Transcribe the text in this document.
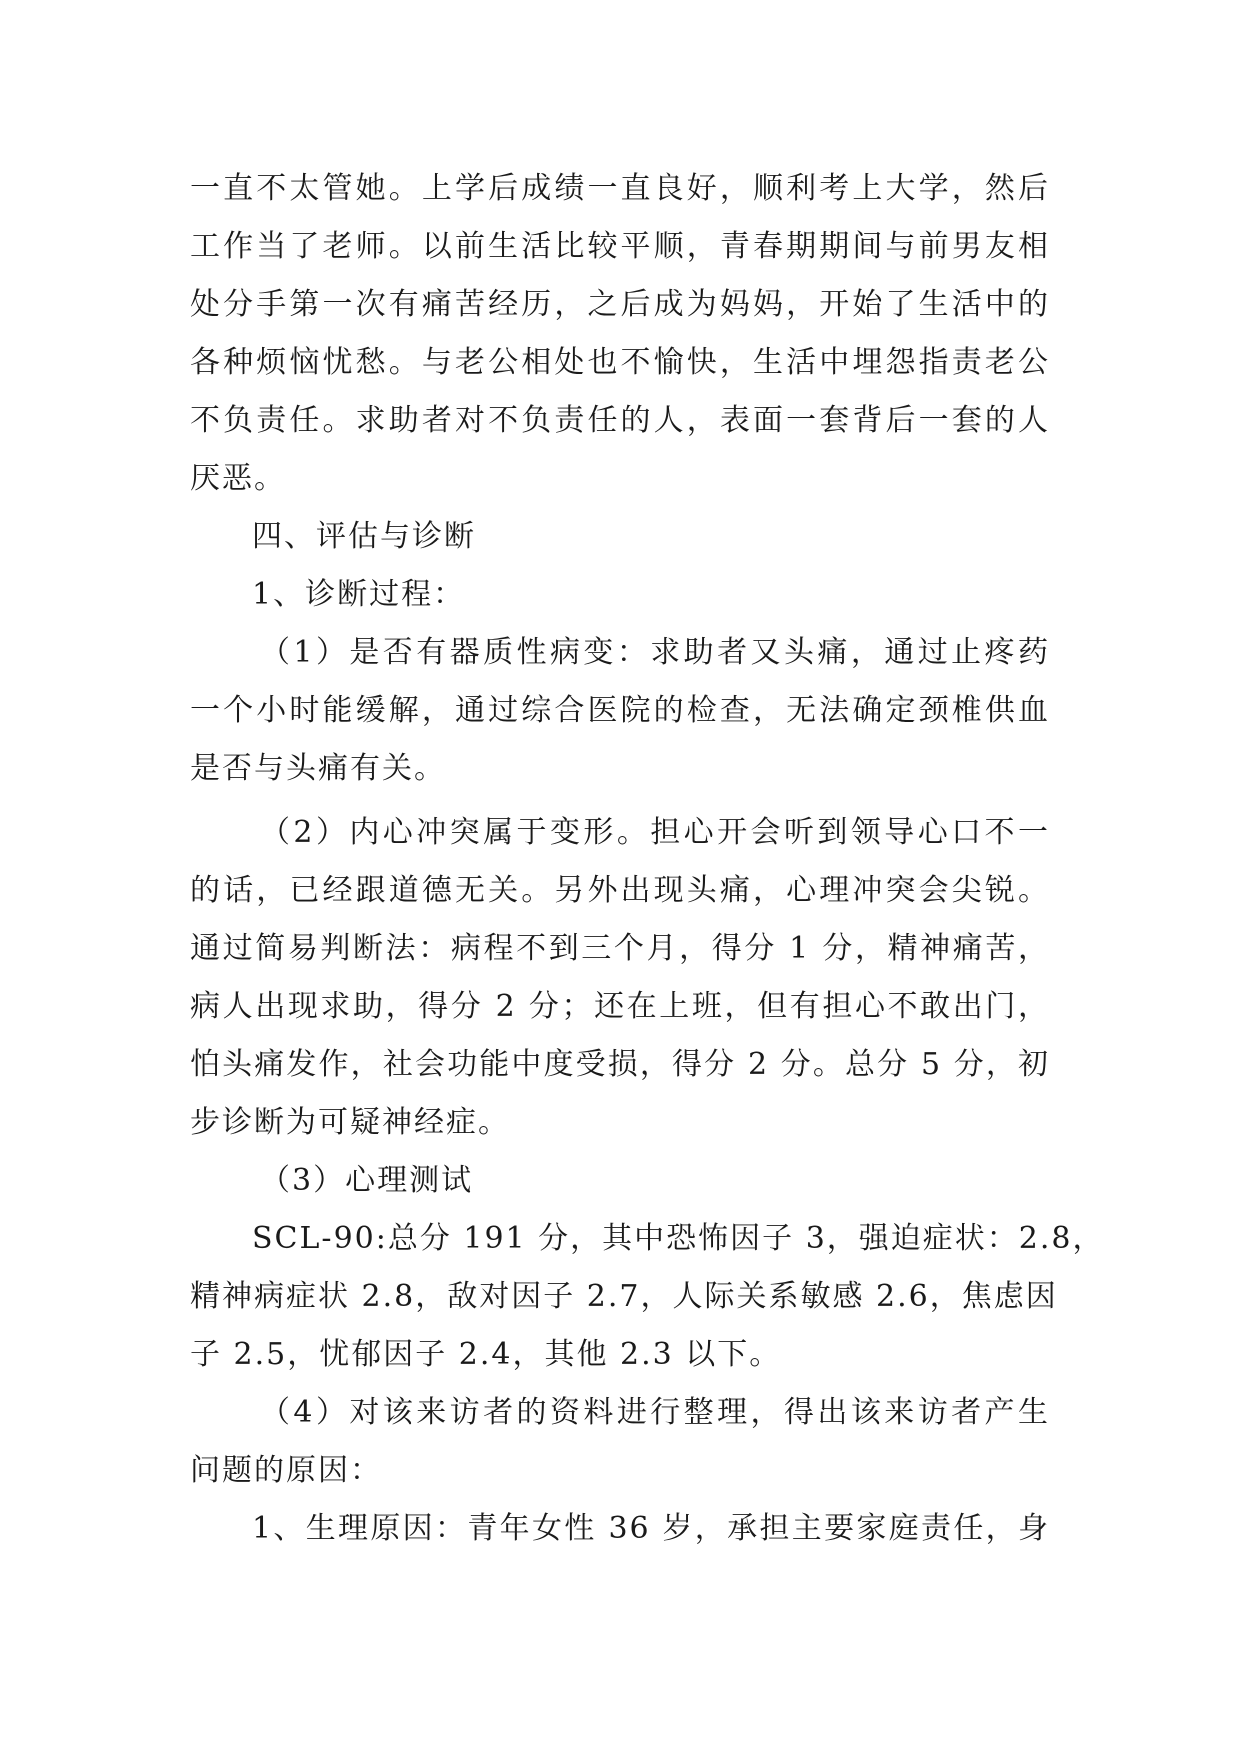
一直不太管她。上学后成绩一直良好，顺利考上大学，然后
工作当了老师。以前生活比较平顺，青春期期间与前男友相
处分手第一次有痛苦经历，之后成为妈妈，开始了生活中的
各种烦恼忧愁。与老公相处也不愉快，生活中埋怨指责老公
不负责任。求助者对不负责任的人，表面一套背后一套的人
厌恶。
四、评估与诊断
1、诊断过程：
（1）是否有器质性病变：求助者又头痛，通过止疼药
一个小时能缓解，通过综合医院的检查，无法确定颈椎供血
是否与头痛有关。
（2）内心冲突属于变形。担心开会听到领导心口不一
的话，已经跟道德无关。另外出现头痛，心理冲突会尖锐。
通过简易判断法：病程不到三个月，得分 1 分，精神痛苦，
病人出现求助，得分 2 分；还在上班，但有担心不敢出门，
怕头痛发作，社会功能中度受损，得分 2 分。总分 5 分，初
步诊断为可疑神经症。
（3）心理测试
SCL-90:总分 191 分，其中恐怖因子 3，强迫症状：2.8，
精神病症状 2.8，敌对因子 2.7，人际关系敏感 2.6，焦虑因
子 2.5，忧郁因子 2.4，其他 2.3 以下。
（4）对该来访者的资料进行整理，得出该来访者产生
问题的原因：
1、生理原因：青年女性 36 岁，承担主要家庭责任，身
